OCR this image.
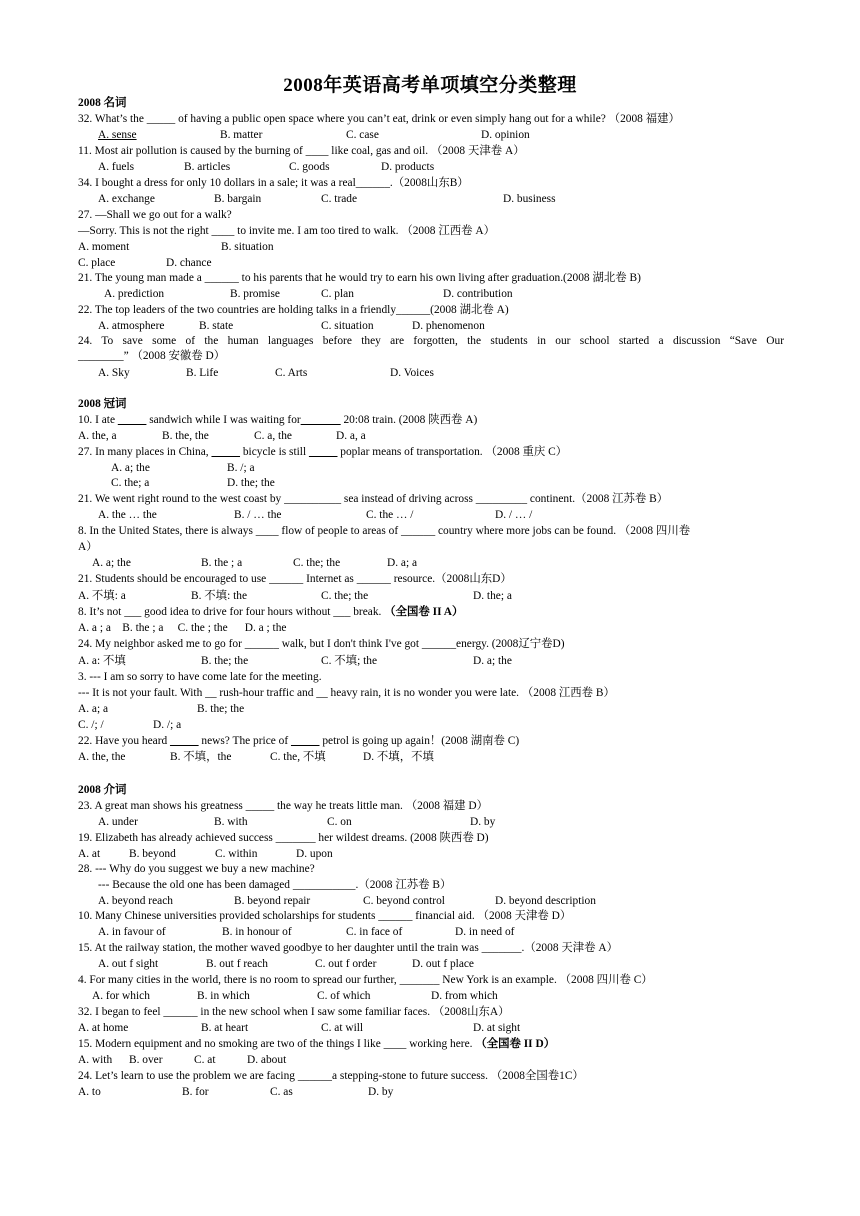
2008年英语高考单项填空分类整理
2008 名词
32. What’s the _____ of having a public open space where you can’t eat, drink or even simply hang out for a while? （2008 福建）
A. sense	B. matter	C. case	D. opinion
11. Most air pollution is caused by the burning of ____ like coal, gas and oil. （2008 天津卷 A）
A. fuels	B. articles	C. goods	D. products
34. I bought a dress for only 10 dollars in a sale; it was a real______.（2008山东B）
A. exchange	B. bargain	C. trade	D. business
27. —Shall we go out for a walk?
—Sorry. This is not the right ____ to invite me. I am too tired to walk. （2008 江西卷 A）
A. moment	B. situation
C. place	D. chance
21. The young man made a ______ to his parents that he would try to earn his own living after graduation.(2008 湖北卷 B)
A. prediction	B. promise	C. plan	D. contribution
22. The top leaders of the two countries are holding talks in a friendly______(2008 湖北卷 A)
A. atmosphere	B. state	C. situation	D. phenomenon
24. To save some of the human languages before they are forgotten, the students in our school started a discussion “Save Our
________” （2008 安徽卷 D）
A. Sky	B. Life	C. Arts	D. Voices
2008 冠词
10. I ate _____ sandwich while I was waiting for_______ 20:08 train. (2008 陕西卷 A)
A. the, a	B. the, the	C. a, the	D. a, a
27. In many places in China, _____ bicycle is still _____ poplar means of transportation. （2008 重庆 C）
A. a; the	B. /; a
C. the; a	D. the; the
21. We went right round to the west coast by __________ sea instead of driving across _________ continent.（2008 江苏卷 B）
A. the … the	B. / … the	C. the … /	D. / … /
8. In the United States, there is always ____ flow of people to areas of ______ country where more jobs can be found. （2008 四川卷
A）
A. a; the	B. the ; a	C. the; the	D. a; a
21. Students should be encouraged to use ______ Internet as ______ resource.（2008山东D）
A. 不填: a	B. 不填: the	C. the; the	D. the; a
8. It’s not ___ good idea to drive for four hours without ___ break. （全国卷 II A）
A. a ; a    B. the ; a     C. the ; the      D. a ; the
24. My neighbor asked me to go for ______ walk, but I don't think I've got ______energy. (2008辽宁卷D)
A. a: 不填	B. the; the	C. 不填; the	D. a; the
3. --- I am so sorry to have come late for the meeting.
--- It is not your fault. With __ rush-hour traffic and __ heavy rain, it is no wonder you were late. （2008 江西卷 B）
A. a; a	B. the; the
C. /; /	D. /; a
22. Have you heard _____ news? The price of _____ petrol is going up again！(2008 湖南卷 C)
A. the, the	B. 不填，the	C. the, 不填	D. 不填，不填
2008 介词
23. A great man shows his greatness _____ the way he treats little man. （2008 福建 D）
A. under	B. with	C. on	D. by
19. Elizabeth has already achieved success _______ her wildest dreams. (2008 陕西卷 D)
A. at	B. beyond	C. within	D. upon
28. --- Why do you suggest we buy a new machine?
--- Because the old one has been damaged ___________.（2008 江苏卷 B）
A. beyond reach	B. beyond repair	C. beyond control	D. beyond description
10. Many Chinese universities provided scholarships for students ______ financial aid. （2008 天津卷 D）
A. in favour of	B. in honour of	C. in face of	D. in need of
15. At the railway station, the mother waved goodbye to her daughter until the train was _______.（2008 天津卷 A）
A. out f sight	B. out f reach	C. out f order	D. out f place
4. For many cities in the world, there is no room to spread our further, _______ New York is an example. （2008 四川卷 C）
A. for which	B. in which	C. of which	D. from which
32. I began to feel ______ in the new school when I saw some familiar faces. （2008山东A）
A. at home	B. at heart	C. at will	D. at sight
15. Modern equipment and no smoking are two of the things I like ____ working here. （全国卷 II D）
A. with B. over	C. at	D. about
24. Let’s learn to use the problem we are facing ______a stepping-stone to future success. （2008全国卷1C）
A. to	B. for	C. as	D. by
